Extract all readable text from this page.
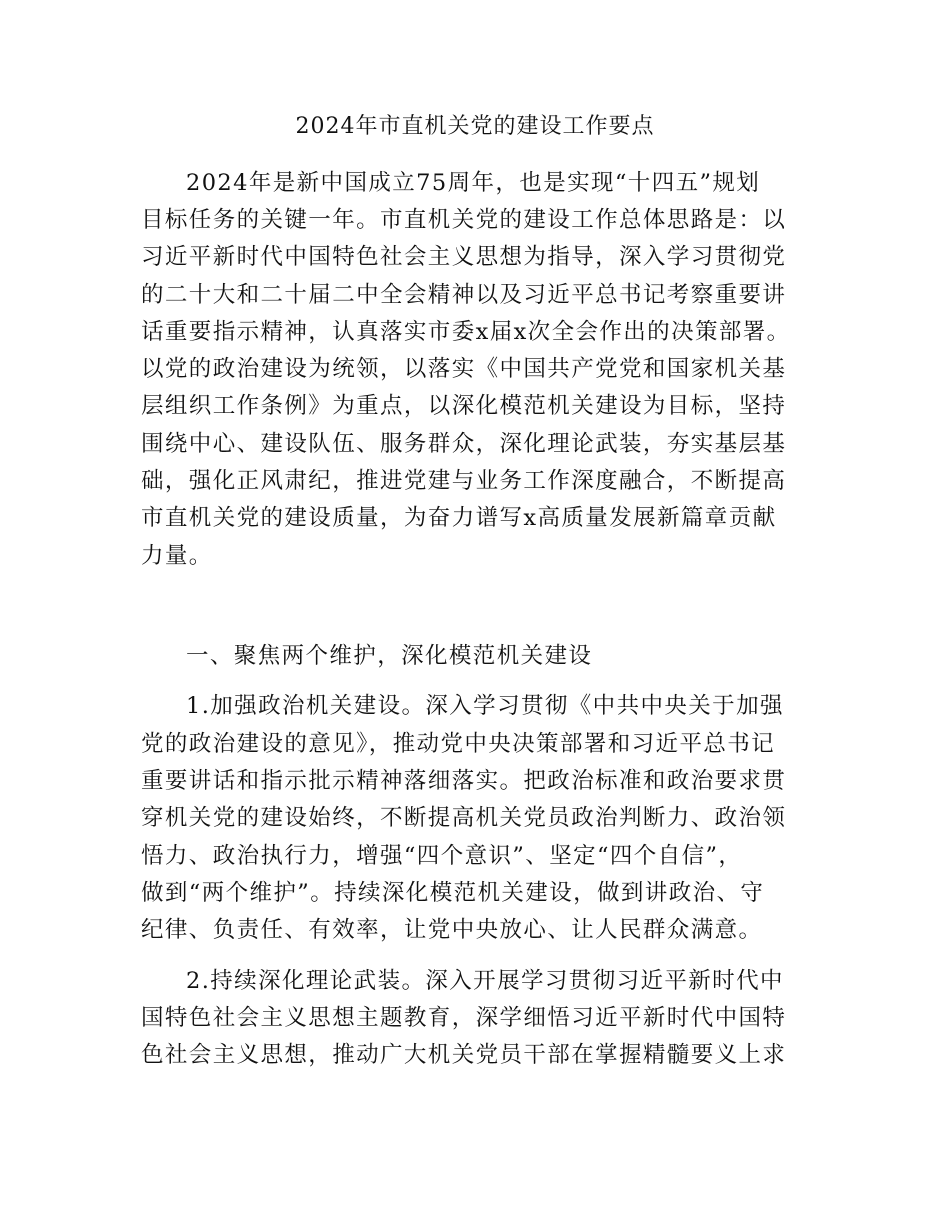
2024年市直机关党的建设工作要点
2024年是新中国成立75周年，也是实现“十四五”规划
目标任务的关键一年。市直机关党的建设工作总体思路是：以
习近平新时代中国特色社会主义思想为指导，深入学习贯彻党
的二十大和二十届二中全会精神以及习近平总书记考察重要讲
话重要指示精神，认真落实市委x届x次全会作出的决策部署。
以党的政治建设为统领，以落实《中国共产党党和国家机关基
层组织工作条例》为重点，以深化模范机关建设为目标，坚持
围绕中心、建设队伍、服务群众，深化理论武装，夯实基层基
础，强化正风肃纪，推进党建与业务工作深度融合，不断提高
市直机关党的建设质量，为奋力谱写x高质量发展新篇章贡献
力量。
一、聚焦两个维护，深化模范机关建设
1.加强政治机关建设。深入学习贯彻《中共中央关于加强
党的政治建设的意见》，推动党中央决策部署和习近平总书记
重要讲话和指示批示精神落细落实。把政治标准和政治要求贯
穿机关党的建设始终，不断提高机关党员政治判断力、政治领
悟力、政治执行力，增强“四个意识”、坚定“四个自信”，
做到“两个维护”。持续深化模范机关建设，做到讲政治、守
纪律、负责任、有效率，让党中央放心、让人民群众满意。
2.持续深化理论武装。深入开展学习贯彻习近平新时代中
国特色社会主义思想主题教育，深学细悟习近平新时代中国特
色社会主义思想，推动广大机关党员干部在掌握精髓要义上求
